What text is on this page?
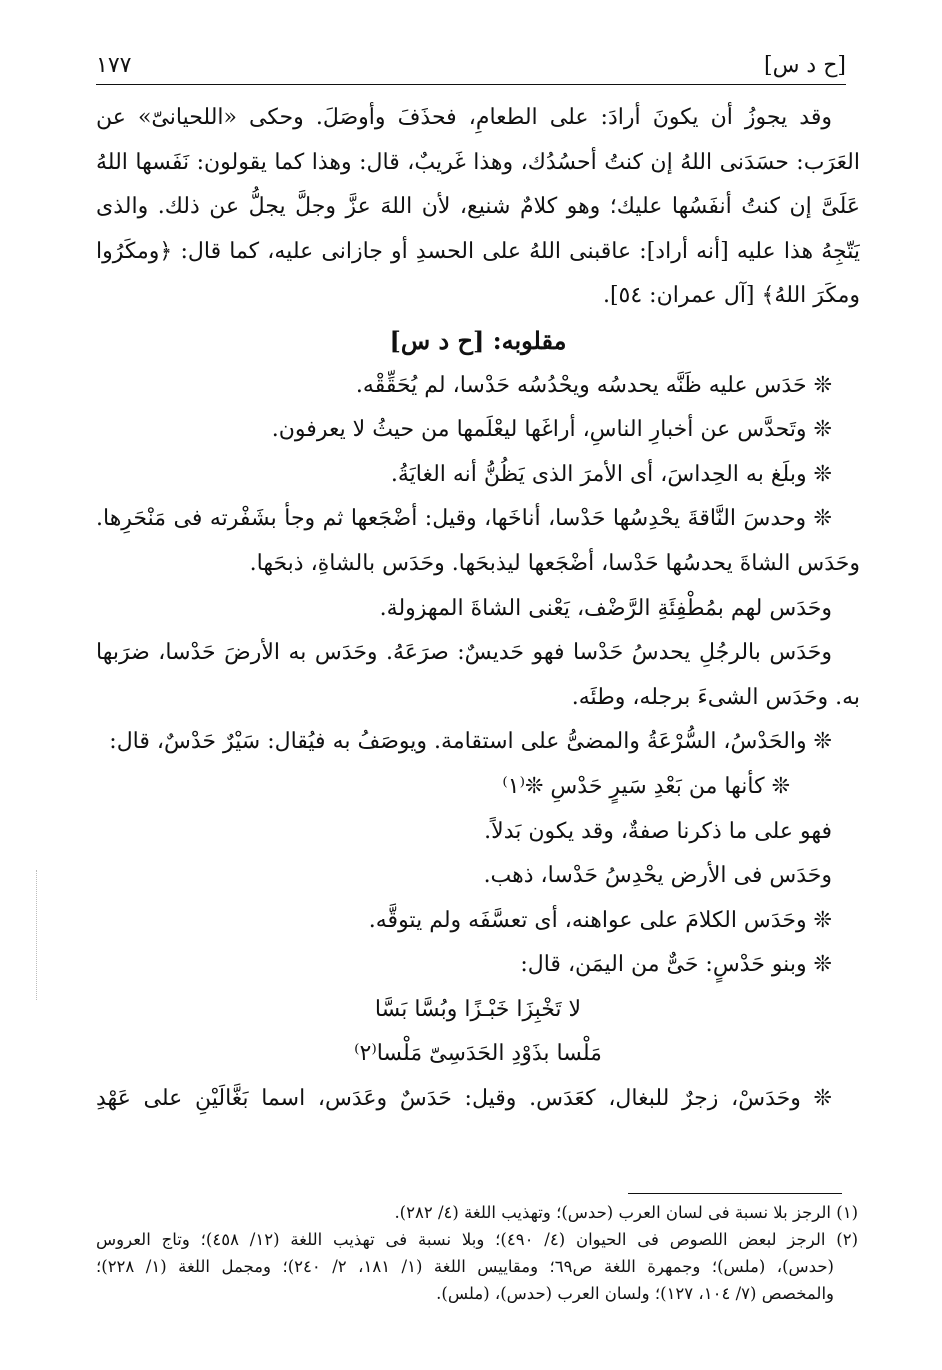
[ح د س]
١٧٧
وقد يجوزُ أن يكونَ أرادَ: على الطعامِ، فحذَفَ وأوصَلَ. وحكى «اللحيانىّ» عن
العَرَب: حسَدَنى اللهُ إن كنتُ أحسُدُك، وهذا غَريبٌ، قال: وهذا كما يقولون: نَفَسها اللهُ
عَلَىَّ إن كنتُ أنفَسُها عليك؛ وهو كلامٌ شنيع، لأن اللهَ عزَّ وجلَّ يجلُّ عن ذلك. والذى
يَتّجِهُ هذا عليه [أنه أراد]: عاقبنى اللهُ على الحسدِ أو جازانى عليه، كما قال: ﴿ومكَرُوا
ومكَرَ اللهُ﴾ [آل عمران: ٥٤].
مقلوبه: [ح د س]
❊ حَدَس عليه ظَنَّه يحدسُه ويحْدُسُه حَدْسا، لم يُحَقِّقْه.
❊ وتَحدَّس عن أخبارِ الناسِ، أراغَها ليعْلَمها من حيثُ لا يعرفون.
❊ وبلَغ به الحِداسَ، أى الأمرَ الذى يَظُنُّ أنه الغايَةُ.
❊ وحدسَ النَّاقةَ يحْدِسُها حَدْسا، أناخَها، وقيل: أضْجَعها ثم وجأ بشَفْرته فى مَنْحَرِها.
وحَدَس الشاةَ يحدسُها حَدْسا، أضْجَعها ليذبحَها. وحَدَس بالشاةِ، ذبحَها.
وحَدَس لهم بمُطْفِئَةِ الرَّضْف، يَعْنى الشاةَ المهزولة.
وحَدَس بالرجُلِ يحدسُ حَدْسا فهو حَديسٌ: صرَعَهُ. وحَدَس به الأرضَ حَدْسا، ضرَبها
به. وحَدَس الشىءَ برجله، وطئَه.
❊ والحَدْسُ، السُّرْعَةُ والمضىُّ على استقامة. ويوصَفُ به فيُقال: سَيْرٌ حَدْسٌ، قال:
❊ كأنها من بَعْدِ سَيرٍ حَدْسِ ❊⁽١⁾
فهو على ما ذكرنا صفةٌ، وقد يكون بَدلاً.
وحَدَس فى الأرض يحْدِسُ حَدْسا، ذهب.
❊ وحَدَس الكلامَ على عواهنه، أى تعسَّفَه ولم يتوقَّه.
❊ وبنو حَدْسٍ: حَىٌّ من اليمَن، قال:
لا تَخْبِزَا خَبْـزًا وبُسَّا بَسَّا
مَلْسا بذَوْدِ الحَدَسِىّ مَلْسا⁽٢⁾
❊ وحَدَسْ، زجرٌ للبغال، كعَدَس. وقيل: حَدَسٌ وعَدَس، اسما بَغَّالَيْنِ على عَهْدِ
(١) الرجز بلا نسبة فى لسان العرب (حدس)؛ وتهذيب اللغة (٤/ ٢٨٢).
(٢) الرجز لبعض اللصوص فى الحيوان (٤/ ٤٩٠)؛ وبلا نسبة فى تهذيب اللغة (١٢/ ٤٥٨)؛ وتاج العروس
(حدس)، (ملس)؛ وجمهرة اللغة ص٦٩؛ ومقاييس اللغة (١/ ١٨١، ٢/ ٢٤٠)؛ ومجمل اللغة (١/ ٢٢٨)؛
والمخصص (٧/ ١٠٤، ١٢٧)؛ ولسان العرب (حدس)، (ملس).
